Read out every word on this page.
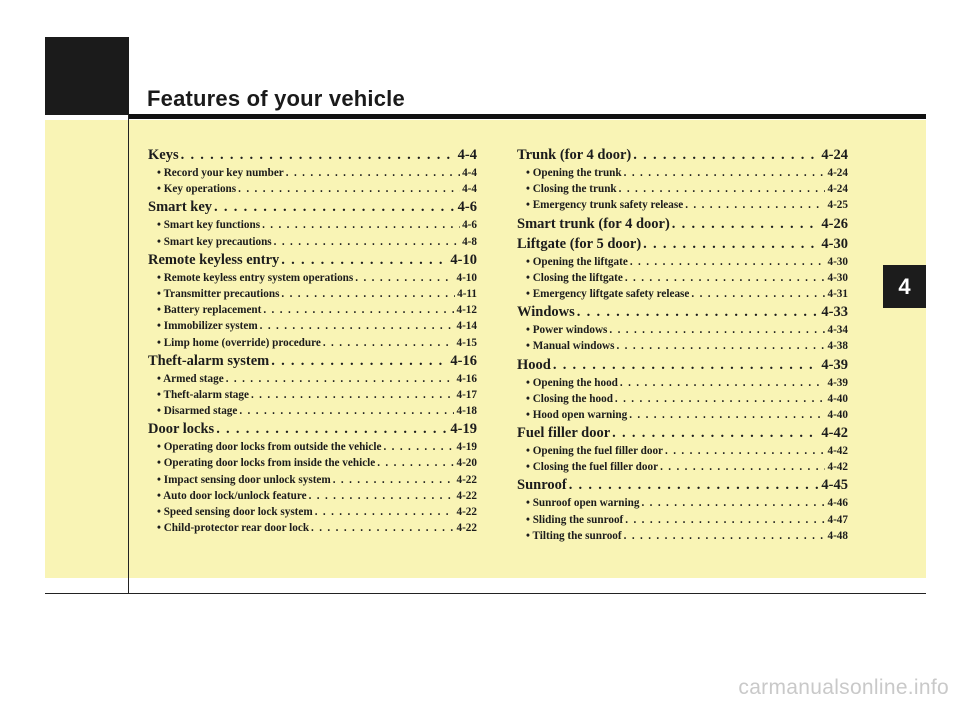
Features of your vehicle
Keys . . .	4-4
• Record your key number . . .	4-4
• Key operations . . .	4-4
Smart key . . .	4-6
• Smart key functions . . .	4-6
• Smart key precautions . . .	4-8
Remote keyless entry . . .	4-10
• Remote keyless entry system operations . . .	4-10
• Transmitter precautions . . .	4-11
• Battery replacement . . .	4-12
• Immobilizer system . . .	4-14
• Limp home (override) procedure . . .	4-15
Theft-alarm system . . .	4-16
• Armed stage . . .	4-16
• Theft-alarm stage . . .	4-17
• Disarmed stage . . .	4-18
Door locks . . .	4-19
• Operating door locks from outside the vehicle . . .	4-19
• Operating door locks from inside the vehicle . . .	4-20
• Impact sensing door unlock system . . .	4-22
• Auto door lock/unlock feature . . .	4-22
• Speed sensing door lock system . . .	4-22
• Child-protector rear door lock . . .	4-22
Trunk (for 4 door) . . .	4-24
• Opening the trunk . . .	4-24
• Closing the trunk . . .	4-24
• Emergency trunk safety release . . .	4-25
Smart trunk (for 4 door) . . .	4-26
Liftgate (for 5 door) . . .	4-30
• Opening the liftgate . . .	4-30
• Closing the liftgate . . .	4-30
• Emergency liftgate safety release . . .	4-31
Windows . . .	4-33
• Power windows . . .	4-34
• Manual windows . . .	4-38
Hood . . .	4-39
• Opening the hood . . .	4-39
• Closing the hood . . .	4-40
• Hood open warning . . .	4-40
Fuel filler door . . .	4-42
• Opening the fuel filler door . . .	4-42
• Closing the fuel filler door . . .	4-42
Sunroof . . .	4-45
• Sunroof open warning . . .	4-46
• Sliding the sunroof . . .	4-47
• Tilting the sunroof . . .	4-48
4
carmanualsonline.info
